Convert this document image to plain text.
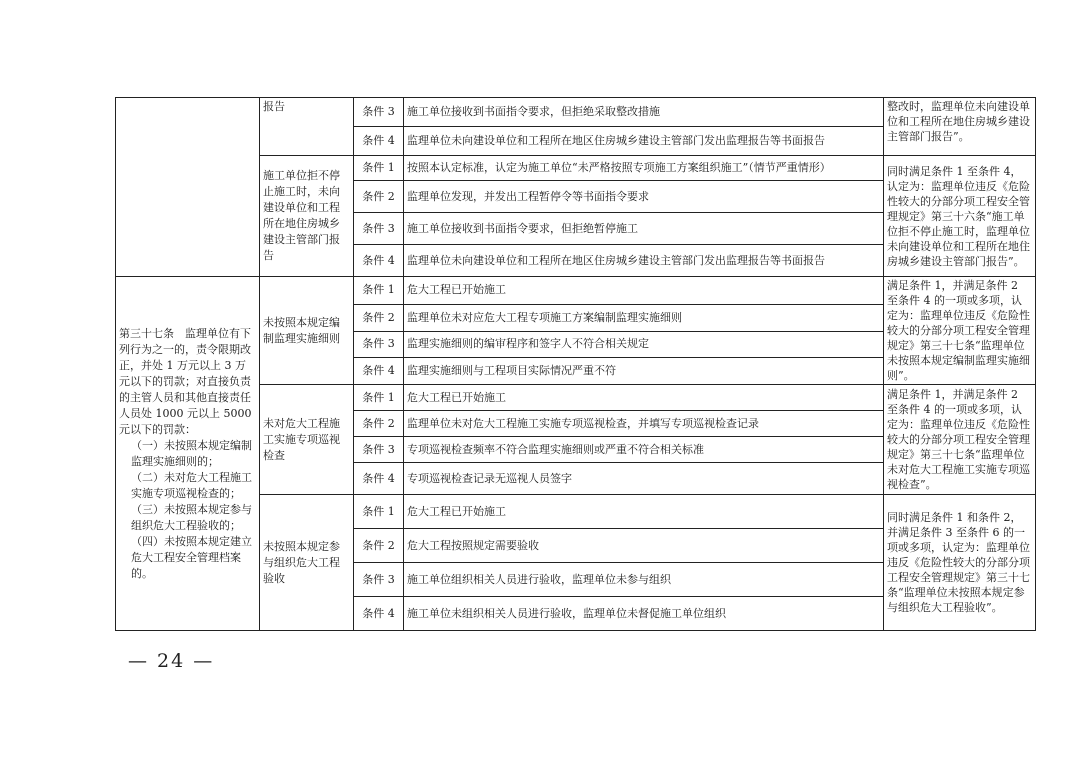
	报告	条件 3	施工单位接收到书面指令要求，但拒绝采取整改措施	整改时，监理单位未向建设单位和工程所在地住房城乡建设主管部门报告”。
		条件 4	监理单位未向建设单位和工程所在地区住房城乡建设主管部门发出监理报告等书面报告	
	施工单位拒不停止施工时，未向建设单位和工程所在地住房城乡建设主管部门报告	条件 1	按照本认定标准，认定为施工单位“未严格按照专项施工方案组织施工”（情节严重情形）	同时满足条件 1 至条件 4，认定为：监理单位违反《危险性较大的分部分项工程安全管理规定》第三十六条“施工单位拒不停止施工时，监理单位未向建设单位和工程所在地住房城乡建设主管部门报告”。
		条件 2	监理单位发现，并发出工程暂停令等书面指令要求	
		条件 3	施工单位接收到书面指令要求，但拒绝暂停施工	
		条件 4	监理单位未向建设单位和工程所在地区住房城乡建设主管部门发出监理报告等书面报告	

第三十七条　监理单位有下列行为之一的，责令限期改正，并处 1 万元以上 3 万元以下的罚款；对直接负责的主管人员和其他直接责任人员处 1000 元以上 5000 元以下的罚款：

（一）未按照本规定编制监理实施细则的；

（二）未对危大工程施工实施专项巡视检查的；

（三）未按照本规定参与组织危大工程验收的；

（四）未按照本规定建立危大工程安全管理档案的。	未按照本规定编制监理实施细则	条件 1	危大工程已开始施工	满足条件 1，并满足条件 2 至条件 4 的一项或多项，认定为：监理单位违反《危险性较大的分部分项工程安全管理规定》第三十七条“监理单位未按照本规定编制监理实施细则”。
		条件 2	监理单位未对应危大工程专项施工方案编制监理实施细则	
		条件 3	监理实施细则的编审程序和签字人不符合相关规定	
		条件 4	监理实施细则与工程项目实际情况严重不符	
	未对危大工程施工实施专项巡视检查	条件 1	危大工程已开始施工	满足条件 1，并满足条件 2 至条件 4 的一项或多项，认定为：监理单位违反《危险性较大的分部分项工程安全管理规定》第三十七条“监理单位未对危大工程施工实施专项巡视检查”。
		条件 2	监理单位未对危大工程施工实施专项巡视检查，并填写专项巡视检查记录	
		条件 3	专项巡视检查频率不符合监理实施细则或严重不符合相关标准	
		条件 4	专项巡视检查记录无巡视人员签字	
	未按照本规定参与组织危大工程验收	条件 1	危大工程已开始施工	同时满足条件 1 和条件 2，并满足条件 3 至条件 6 的一项或多项，认定为：监理单位违反《危险性较大的分部分项工程安全管理规定》第三十七条“监理单位未按照本规定参与组织危大工程验收”。
		条件 2	危大工程按照规定需要验收	
		条件 3	施工单位组织相关人员进行验收，监理单位未参与组织	
		条件 4	施工单位未组织相关人员进行验收，监理单位未督促施工单位组织	
— 24 —
